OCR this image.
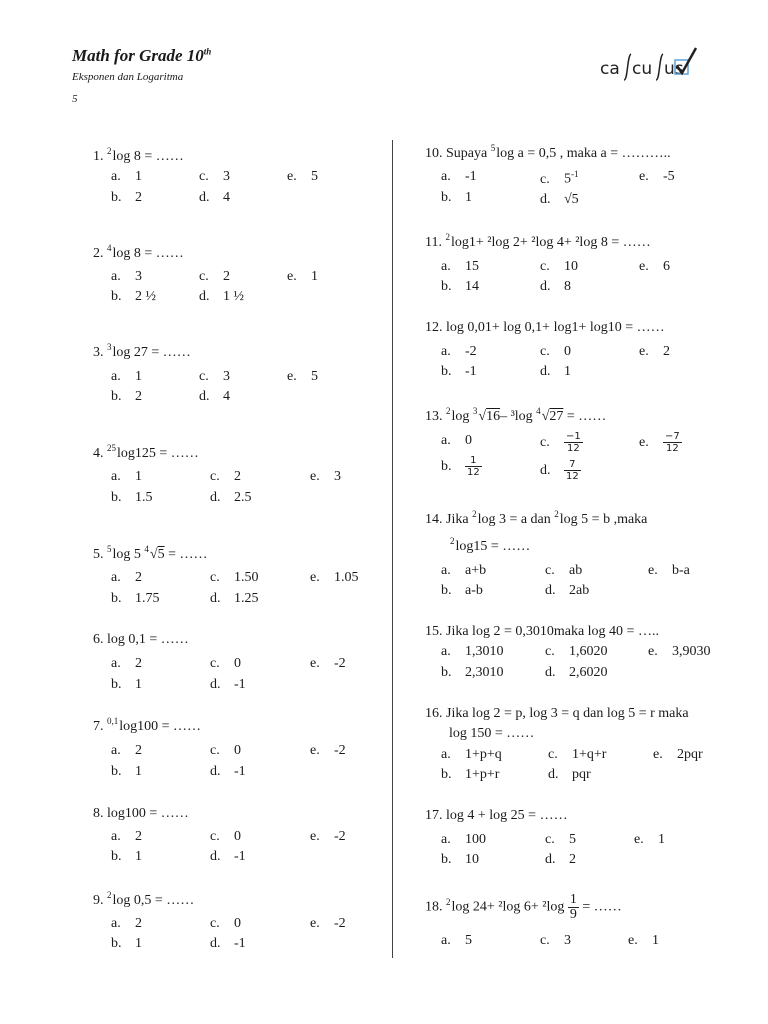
Math for Grade 10th
Eksponen dan Logaritma
5
ca cu us
1. $^2$log 8 = ……
a. 1	c. 3	e. 5
b. 2	d. 4
2. $^4$log 8 = ……
a. 3	c. 2	e. 1
b. 2 ½	d. 1 ½
3. $^3$log 27 = ……
a. 1	c. 3	e. 5
b. 2	d. 4
4. $^{25}$log125 = ……
a. 1	c. 2	e. 3
b. 1.5	d. 2.5
5. $^5$log 5 $^4$√5 = ……
a. 2	c. 1.50	e. 1.05
b. 1.75	d. 1.25
6. log 0,1 = ……
a. 2	c. 0	e. -2
b. 1	d. -1
7. $^{0,1}$log100 = ……
a. 2	c. 0	e. -2
b. 1	d. -1
8. log100 = ……
a. 2	c. 0	e. -2
b. 1	d. -1
9. $^2$log 0,5 = ……
a. 2	c. 0	e. -2
b. 1	d. -1
10. Supaya $^5$log a = 0,5 , maka a = ………..
a. -1	c. $5^{-1}$	e. -5
b. 1	d. √5
11. $^2$log1+ ²log 2+ ²log 4+ ²log 8 = ……
a. 15	c. 10	e. 6
b. 14	d. 8
12. log 0,01+ log 0,1+ log1+ log10 = ……
a. -2	c. 0	e. 2
b. -1	d. 1
13. $^2$log $^3$√16– ³log $^4$√27 = ……
a. 0	c. $\frac{-1}{12}$	e. $\frac{-7}{12}$
b. $\frac{1}{12}$	d. $\frac{7}{12}$
14. Jika $^2$log 3 = a dan $^2$log 5 = b ,maka
$^2$log15 = ……
a. a+b	c. ab	e. b-a
b. a-b	d. 2ab
15. Jika log 2 = 0,3010maka log 40 = …..
a. 1,3010	c. 1,6020	e. 3,9030
b. 2,3010	d. 2,6020
16. Jika log 2 = p, log 3 = q dan log 5 = r maka
log 150 = ……
a. 1+p+q	c. 1+q+r	e. 2pqr
b. 1+p+r	d. pqr
17. log 4 + log 25 = ……
a. 100	c. 5	e. 1
b. 10	d. 2
18. $^2$log 24+ ²log $6+ ^2\log \frac{1}{9}$ = ……
a. 5	c. 3	e. 1
